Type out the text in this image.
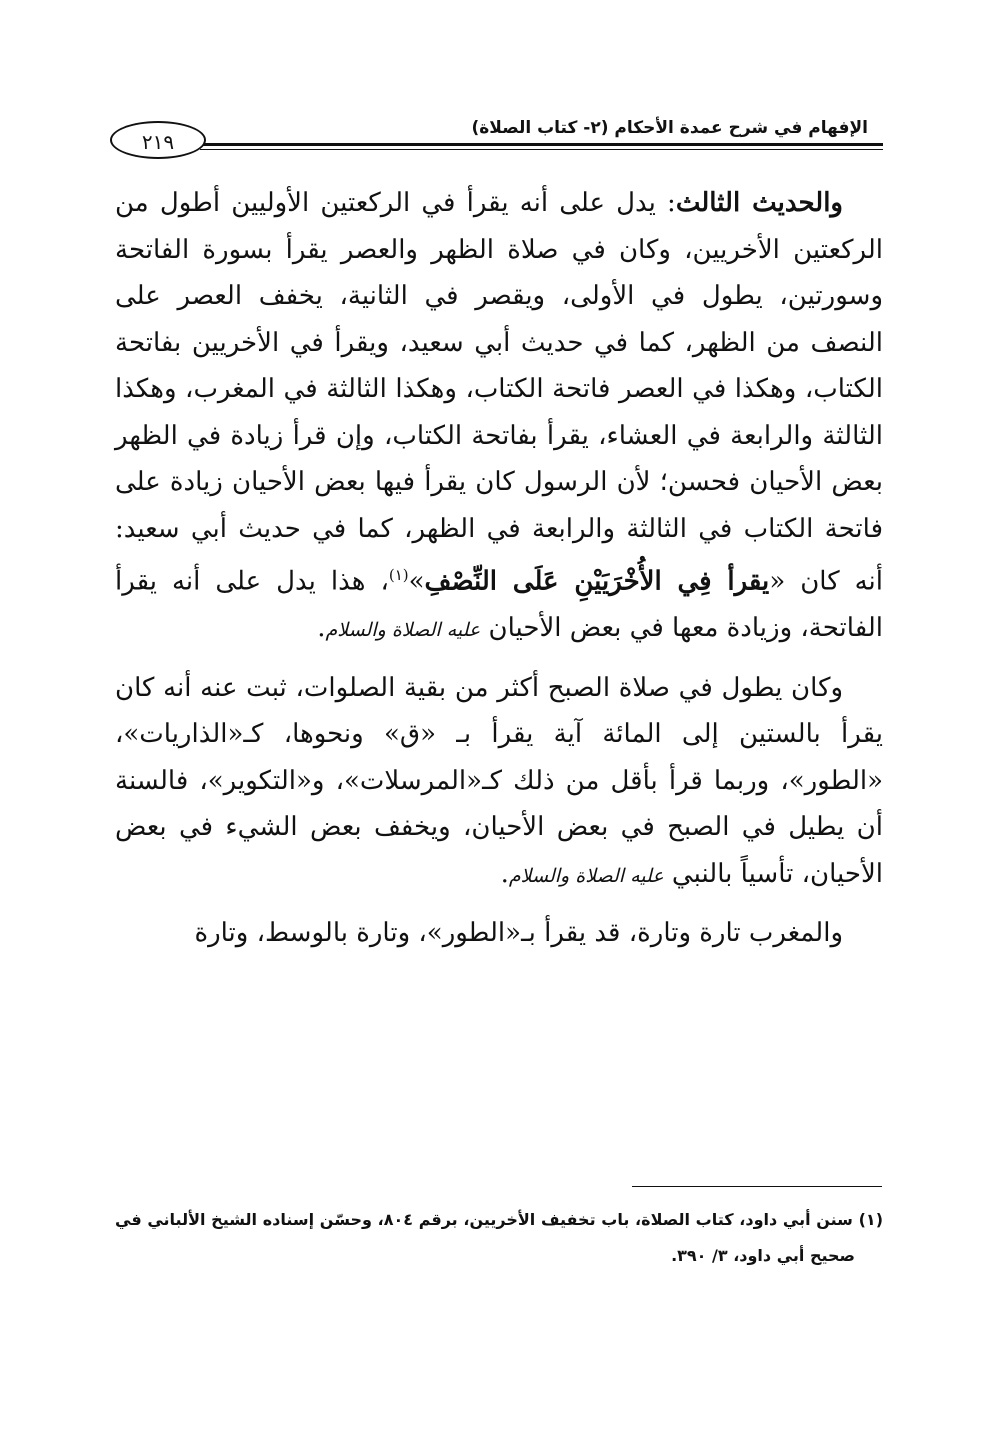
الإفهام في شرح عمدة الأحكام (٢- كتاب الصلاة)
٢١٩

والحديث الثالث: يدل على أنه يقرأ في الركعتين الأوليين أطول من الركعتين الأخريين، وكان في صلاة الظهر والعصر يقرأ بسورة الفاتحة وسورتين، يطول في الأولى، ويقصر في الثانية، يخفف العصر على النصف من الظهر، كما في حديث أبي سعيد، ويقرأ في الأخريين بفاتحة الكتاب، وهكذا في العصر فاتحة الكتاب، وهكذا الثالثة في المغرب، وهكذا الثالثة والرابعة في العشاء، يقرأ بفاتحة الكتاب، وإن قرأ زيادة في الظهر بعض الأحيان فحسن؛ لأن الرسول كان يقرأ فيها بعض الأحيان زيادة على فاتحة الكتاب في الثالثة والرابعة في الظهر، كما في حديث أبي سعيد: أنه كان «يقرأ فِي الأُخْرَيَيْنِ عَلَى النِّصْفِ»$^{(١)}$، هذا يدل على أنه يقرأ الفاتحة، وزيادة معها في بعض الأحيان عليه الصلاة والسلام.

وكان يطول في صلاة الصبح أكثر من بقية الصلوات، ثبت عنه أنه كان يقرأ بالستين إلى المائة آية يقرأ بـ «ق» ونحوها، كـ«الذاريات»، «الطور»، وربما قرأ بأقل من ذلك كـ«المرسلات»، و«التكوير»، فالسنة أن يطيل في الصبح في بعض الأحيان، ويخفف بعض الشيء في بعض الأحيان، تأسياً بالنبي عليه الصلاة والسلام.

والمغرب تارة وتارة، قد يقرأ بـ«الطور»، وتارة بالوسط، وتارة

(١) سنن أبي داود، كتاب الصلاة، باب تخفيف الأخريين، برقم ٨٠٤، وحسّن إسناده الشيخ الألباني في صحيح أبي داود، ٣/ ٣٩٠.
